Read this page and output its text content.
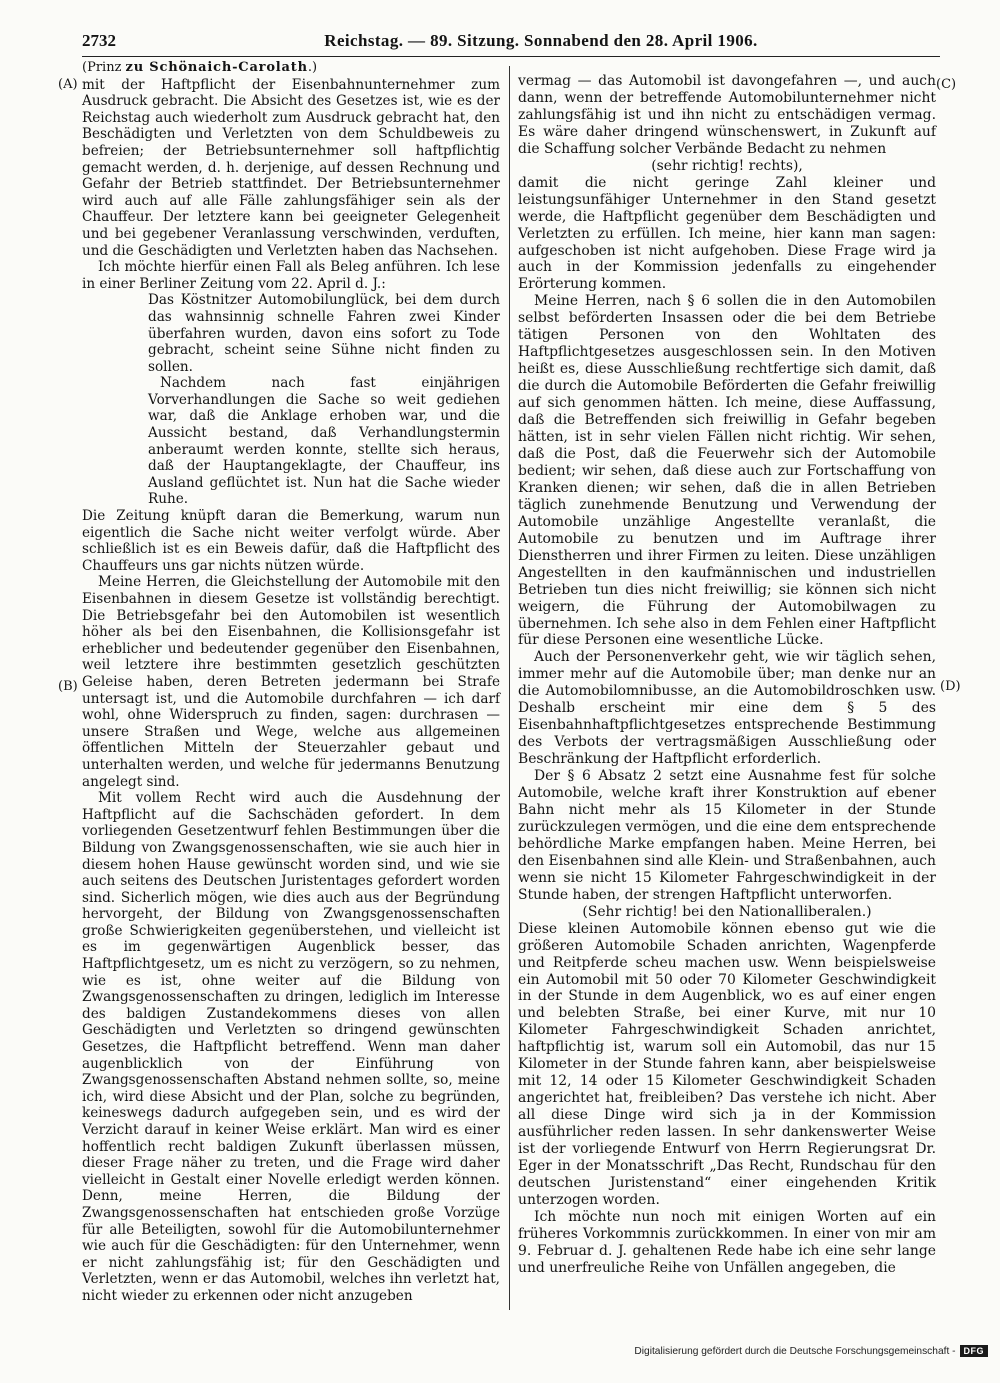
2732	Reichstag. — 89. Sitzung. Sonnabend den 28. April 1906.
(A)
(B)
(C)
(D)

(Prinz zu Schönaich-Carolath.)

mit der Haftpflicht der Eisenbahnunternehmer zum Ausdruck gebracht. Die Absicht des Gesetzes ist, wie es der Reichstag auch wiederholt zum Ausdruck gebracht hat, den Beschädigten und Verletzten von dem Schuldbeweis zu befreien; der Betriebsunternehmer soll haftpflichtig gemacht werden, d. h. derjenige, auf dessen Rechnung und Gefahr der Betrieb stattfindet. Der Betriebsunternehmer wird auch auf alle Fälle zahlungsfähiger sein als der Chauffeur. Der letztere kann bei geeigneter Gelegenheit und bei gegebener Veranlassung verschwinden, verduften, und die Geschädigten und Verletzten haben das Nachsehen.

Ich möchte hierfür einen Fall als Beleg anführen. Ich lese in einer Berliner Zeitung vom 22. April d. J.:

Das Köstnitzer Automobilunglück, bei dem durch das wahnsinnig schnelle Fahren zwei Kinder überfahren wurden, davon eins sofort zu Tode gebracht, scheint seine Sühne nicht finden zu sollen.

Nachdem nach fast einjährigen Vorverhandlungen die Sache so weit gediehen war, daß die Anklage erhoben war, und die Aussicht bestand, daß Verhandlungstermin anberaumt werden konnte, stellte sich heraus, daß der Hauptangeklagte, der Chauffeur, ins Ausland geflüchtet ist. Nun hat die Sache wieder Ruhe.

Die Zeitung knüpft daran die Bemerkung, warum nun eigentlich die Sache nicht weiter verfolgt würde. Aber schließlich ist es ein Beweis dafür, daß die Haftpflicht des Chauffeurs uns gar nichts nützen würde.

Meine Herren, die Gleichstellung der Automobile mit den Eisenbahnen in diesem Gesetze ist vollständig berechtigt. Die Betriebsgefahr bei den Automobilen ist wesentlich höher als bei den Eisenbahnen, die Kollisionsgefahr ist erheblicher und bedeutender gegenüber den Eisenbahnen, weil letztere ihre bestimmten gesetzlich geschützten Geleise haben, deren Betreten jedermann bei Strafe untersagt ist, und die Automobile durchfahren — ich darf wohl, ohne Widerspruch zu finden, sagen: durchrasen — unsere Straßen und Wege, welche aus allgemeinen öffentlichen Mitteln der Steuerzahler gebaut und unterhalten werden, und welche für jedermanns Benutzung angelegt sind.

Mit vollem Recht wird auch die Ausdehnung der Haftpflicht auf die Sachschäden gefordert. In dem vorliegenden Gesetzentwurf fehlen Bestimmungen über die Bildung von Zwangsgenossenschaften, wie sie auch hier in diesem hohen Hause gewünscht worden sind, und wie sie auch seitens des Deutschen Juristentages gefordert worden sind. Sicherlich mögen, wie dies auch aus der Begründung hervorgeht, der Bildung von Zwangsgenossenschaften große Schwierigkeiten gegenüberstehen, und vielleicht ist es im gegenwärtigen Augenblick besser, das Haftpflichtgesetz, um es nicht zu verzögern, so zu nehmen, wie es ist, ohne weiter auf die Bildung von Zwangsgenossenschaften zu dringen, lediglich im Interesse des baldigen Zustandekommens dieses von allen Geschädigten und Verletzten so dringend gewünschten Gesetzes, die Haftpflicht betreffend. Wenn man daher augenblicklich von der Einführung von Zwangsgenossenschaften Abstand nehmen sollte, so, meine ich, wird diese Absicht und der Plan, solche zu begründen, keineswegs dadurch aufgegeben sein, und es wird der Verzicht darauf in keiner Weise erklärt. Man wird es einer hoffentlich recht baldigen Zukunft überlassen müssen, dieser Frage näher zu treten, und die Frage wird daher vielleicht in Gestalt einer Novelle erledigt werden können. Denn, meine Herren, die Bildung der Zwangsgenossenschaften hat entschieden große Vorzüge für alle Beteiligten, sowohl für die Automobilunternehmer wie auch für die Geschädigten: für den Unternehmer, wenn er nicht zahlungsfähig ist; für den Geschädigten und Verletzten, wenn er das Automobil, welches ihn verletzt hat, nicht wieder zu erkennen oder nicht anzugeben

vermag — das Automobil ist davongefahren —, und auch dann, wenn der betreffende Automobilunternehmer nicht zahlungsfähig ist und ihn nicht zu entschädigen vermag. Es wäre daher dringend wünschenswert, in Zukunft auf die Schaffung solcher Verbände Bedacht zu nehmen

(sehr richtig! rechts),

damit die nicht geringe Zahl kleiner und leistungsunfähiger Unternehmer in den Stand gesetzt werde, die Haftpflicht gegenüber dem Beschädigten und Verletzten zu erfüllen. Ich meine, hier kann man sagen: aufgeschoben ist nicht aufgehoben. Diese Frage wird ja auch in der Kommission jedenfalls zu eingehender Erörterung kommen.

Meine Herren, nach § 6 sollen die in den Automobilen selbst beförderten Insassen oder die bei dem Betriebe tätigen Personen von den Wohltaten des Haftpflichtgesetzes ausgeschlossen sein. In den Motiven heißt es, diese Ausschließung rechtfertige sich damit, daß die durch die Automobile Beförderten die Gefahr freiwillig auf sich genommen hätten. Ich meine, diese Auffassung, daß die Betreffenden sich freiwillig in Gefahr begeben hätten, ist in sehr vielen Fällen nicht richtig. Wir sehen, daß die Post, daß die Feuerwehr sich der Automobile bedient; wir sehen, daß diese auch zur Fortschaffung von Kranken dienen; wir sehen, daß die in allen Betrieben täglich zunehmende Benutzung und Verwendung der Automobile unzählige Angestellte veranlaßt, die Automobile zu benutzen und im Auftrage ihrer Dienstherren und ihrer Firmen zu leiten. Diese unzähligen Angestellten in den kaufmännischen und industriellen Betrieben tun dies nicht freiwillig; sie können sich nicht weigern, die Führung der Automobilwagen zu übernehmen. Ich sehe also in dem Fehlen einer Haftpflicht für diese Personen eine wesentliche Lücke.

Auch der Personenverkehr geht, wie wir täglich sehen, immer mehr auf die Automobile über; man denke nur an die Automobilomnibusse, an die Automobildroschken usw. Deshalb erscheint mir eine dem § 5 des Eisenbahnhaftpflichtgesetzes entsprechende Bestimmung des Verbots der vertragsmäßigen Ausschließung oder Beschränkung der Haftpflicht erforderlich.

Der § 6 Absatz 2 setzt eine Ausnahme fest für solche Automobile, welche kraft ihrer Konstruktion auf ebener Bahn nicht mehr als 15 Kilometer in der Stunde zurückzulegen vermögen, und die eine dem entsprechende behördliche Marke empfangen haben. Meine Herren, bei den Eisenbahnen sind alle Klein- und Straßenbahnen, auch wenn sie nicht 15 Kilometer Fahrgeschwindigkeit in der Stunde haben, der strengen Haftpflicht unterworfen.

(Sehr richtig! bei den Nationalliberalen.)

Diese kleinen Automobile können ebenso gut wie die größeren Automobile Schaden anrichten, Wagenpferde und Reitpferde scheu machen usw. Wenn beispielsweise ein Automobil mit 50 oder 70 Kilometer Geschwindigkeit in der Stunde in dem Augenblick, wo es auf einer engen und belebten Straße, bei einer Kurve, mit nur 10 Kilometer Fahrgeschwindigkeit Schaden anrichtet, haftpflichtig ist, warum soll ein Automobil, das nur 15 Kilometer in der Stunde fahren kann, aber beispielsweise mit 12, 14 oder 15 Kilometer Geschwindigkeit Schaden angerichtet hat, freibleiben? Das verstehe ich nicht. Aber all diese Dinge wird sich ja in der Kommission ausführlicher reden lassen. In sehr dankenswerter Weise ist der vorliegende Entwurf von Herrn Regierungsrat Dr. Eger in der Monatsschrift „Das Recht, Rundschau für den deutschen Juristenstand“ einer eingehenden Kritik unterzogen worden.

Ich möchte nun noch mit einigen Worten auf ein früheres Vorkommnis zurückkommen. In einer von mir am 9. Februar d. J. gehaltenen Rede habe ich eine sehr lange und unerfreuliche Reihe von Unfällen angegeben, die

Digitalisierung gefördert durch die Deutsche Forschungsgemeinschaft - DFG
